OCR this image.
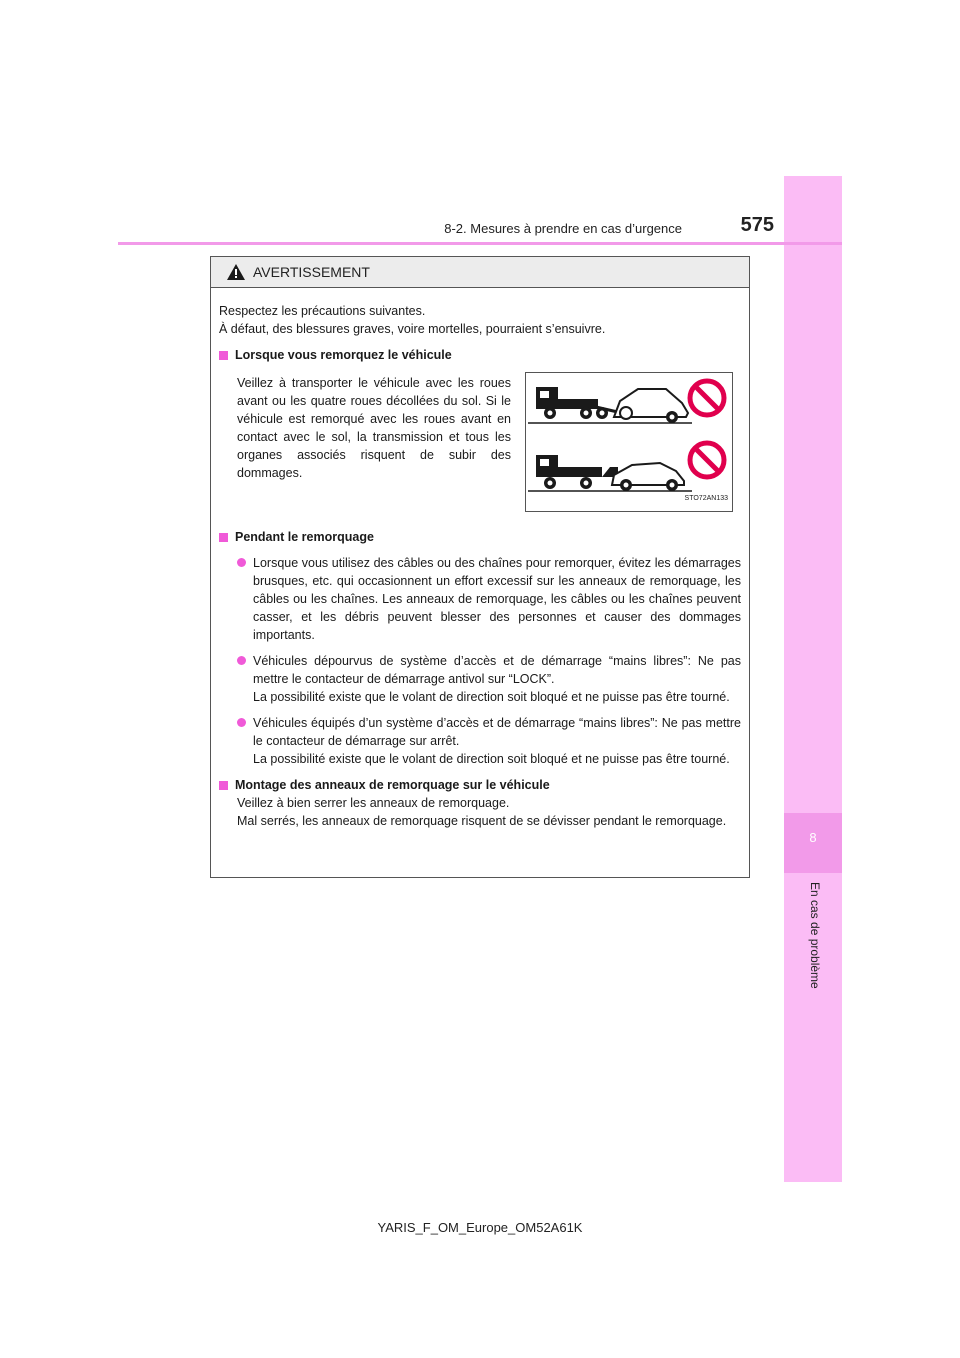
8
En cas de problème
8-2. Mesures à prendre en cas d’urgence	575
AVERTISSEMENT

Respectez les précautions suivantes.

À défaut, des blessures graves, voire mortelles, pourraient s’ensuivre.

Lorsque vous remorquez le véhicule
STO72AN133
Veillez à transporter le véhicule avec les roues avant ou les quatre roues décollées du sol. Si le véhicule est remorqué avec les roues avant en contact avec le sol, la transmission et tous les organes associés risquent de subir des dommages.
Pendant le remorquage
Lorsque vous utilisez des câbles ou des chaînes pour remorquer, évitez les démarrages brusques, etc. qui occasionnent un effort excessif sur les anneaux de remorquage, les câbles ou les chaînes. Les anneaux de remorquage, les câbles ou les chaînes peuvent casser, et les débris peuvent blesser des personnes et causer des dommages importants.
Véhicules dépourvus de système d’accès et de démarrage “mains libres”: Ne pas mettre le contacteur de démarrage antivol sur “LOCK”.
La possibilité existe que le volant de direction soit bloqué et ne puisse pas être tourné.
Véhicules équipés d’un système d’accès et de démarrage “mains libres”: Ne pas mettre le contacteur de démarrage sur arrêt.
La possibilité existe que le volant de direction soit bloqué et ne puisse pas être tourné.
Montage des anneaux de remorquage sur le véhicule

Veillez à bien serrer les anneaux de remorquage.

Mal serrés, les anneaux de remorquage risquent de se dévisser pendant le remorquage.

YARIS_F_OM_Europe_OM52A61K
